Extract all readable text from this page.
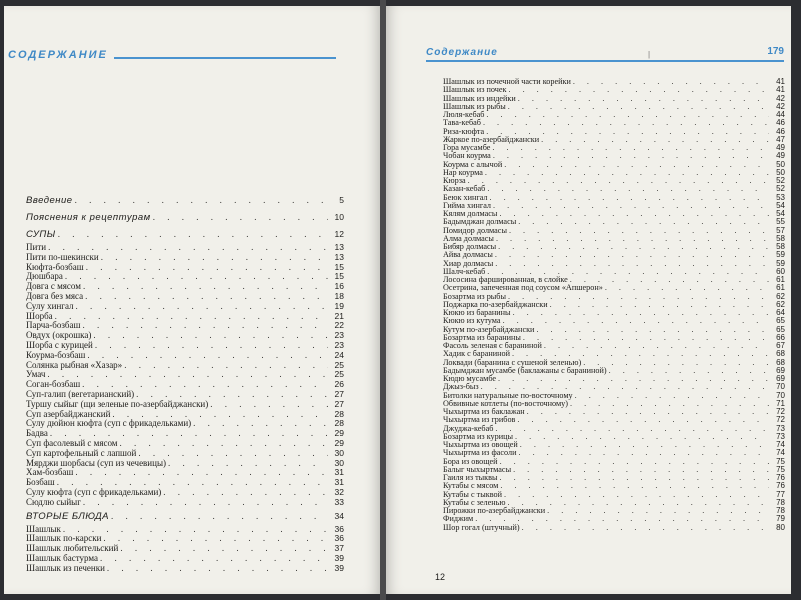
СОДЕРЖАНИЕ
Введение . . .	5
Пояснения к рецептурам . . .	10
СУПЫ . . .	12
Пити . . .	13
Пити по-шекински . . .	13
Кюфта-бозбаш . . .	15
Дюшбара . . .	15
Довга с мясом . . .	16
Довга без мяса . . .	18
Сулу хингал . . .	19
Шорба . . .	21
Парча-бозбаш . . .	22
Овдух (окрошка) . . .	23
Шорба с курицей . . .	23
Коурма-бозбаш . . .	24
Солянка рыбная «Хазар» . . .	25
Умач . . .	25
Соган-бозбаш . . .	26
Суп-галип (вегетарианский) . . .	27
Туршу сыйыг (щи зеленые по-азербайджански) . . .	27
Суп азербайджанский . . .	28
Сулу дюйюн кюфта (суп с фрикадельками) . . .	28
Бадва . . .	29
Суп фасолевый с мясом . . .	29
Суп картофельный с лапшой . . .	30
Мярджи шорбасы (суп из чечевицы) . . .	30
Хам-бозбаш . . .	31
Бозбаш . . .	31
Сулу кюфта (суп с фрикадельками) . . .	32
Сюдлю сыйыг . . .	33
ВТОРЫЕ БЛЮДА . . .	34
Шашлык . . .	36
Шашлык по-карски . . .	36
Шашлык любительский . . .	37
Шашлык бастурма . . .	39
Шашлык из печенки . . .	39
Содержание	179
|
Шашлык из почечной части корейки . . .	41
Шашлык из почек . . .	41
Шашлык из индейки . . .	42
Шашлык из рыбы . . .	42
Люля-кебаб . . .	44
Тава-кебаб . . .	46
Риза-кюфта . . .	46
Жаркое по-азербайджански . . .	47
Гора мусамбе . . .	49
Чобан коурма . . .	49
Коурма с алычой . . .	50
Нар коурма . . .	50
Кюрза . . .	52
Казан-кебаб . . .	52
Беюк хингал . . .	53
Гийма хингал . . .	54
Кялям долмасы . . .	54
Бадымджан долмасы . . .	55
Помидор долмасы . . .	57
Алма долмасы . . .	58
Бибяр долмасы . . .	58
Айва долмасы . . .	59
Хиар долмасы . . .	59
Шалч-кебаб . . .	60
Лососина фаршированная, в слойке . . .	61
Осетрина, запеченная под соусом «Апшерон» . . .	61
Бозартма из рыбы . . .	62
Поджарка по-азербайджански . . .	62
Кюкю из баранины . . .	64
Кюкю из кутума . . .	65
Кутум по-азербайджански . . .	65
Бозартма из баранины . . .	66
Фасоль зеленая с бараниной . . .	67
Хадик с бараниной . . .	68
Локвади (баранина с сушеной зеленью) . . .	68
Бадымджан мусамбе (баклажаны с бараниной) . . .	69
Кюдю мусамбе . . .	69
Джыз-быз . . .	70
Битолки натуральные по-восточному . . .	70
Обвивные котлеты (по-восточному) . . .	71
Чыхыртма из баклажан . . .	72
Чыхыртма из грибов . . .	72
Джуджа-кебаб . . .	73
Бозартма из курицы . . .	73
Чыхыртма из овощей . . .	74
Чыхыртма из фасоли . . .	74
Бора из овощей . . .	75
Балыг чыхыртмасы . . .	75
Гаиля из тыквы . . .	76
Кутабы с мясом . . .	76
Кутабы с тыквой . . .	77
Кутабы с зеленью . . .	78
Пирожки по-азербайджански . . .	78
Фиджим . . .	79
Шор гогал (штучный) . . .	80
12
